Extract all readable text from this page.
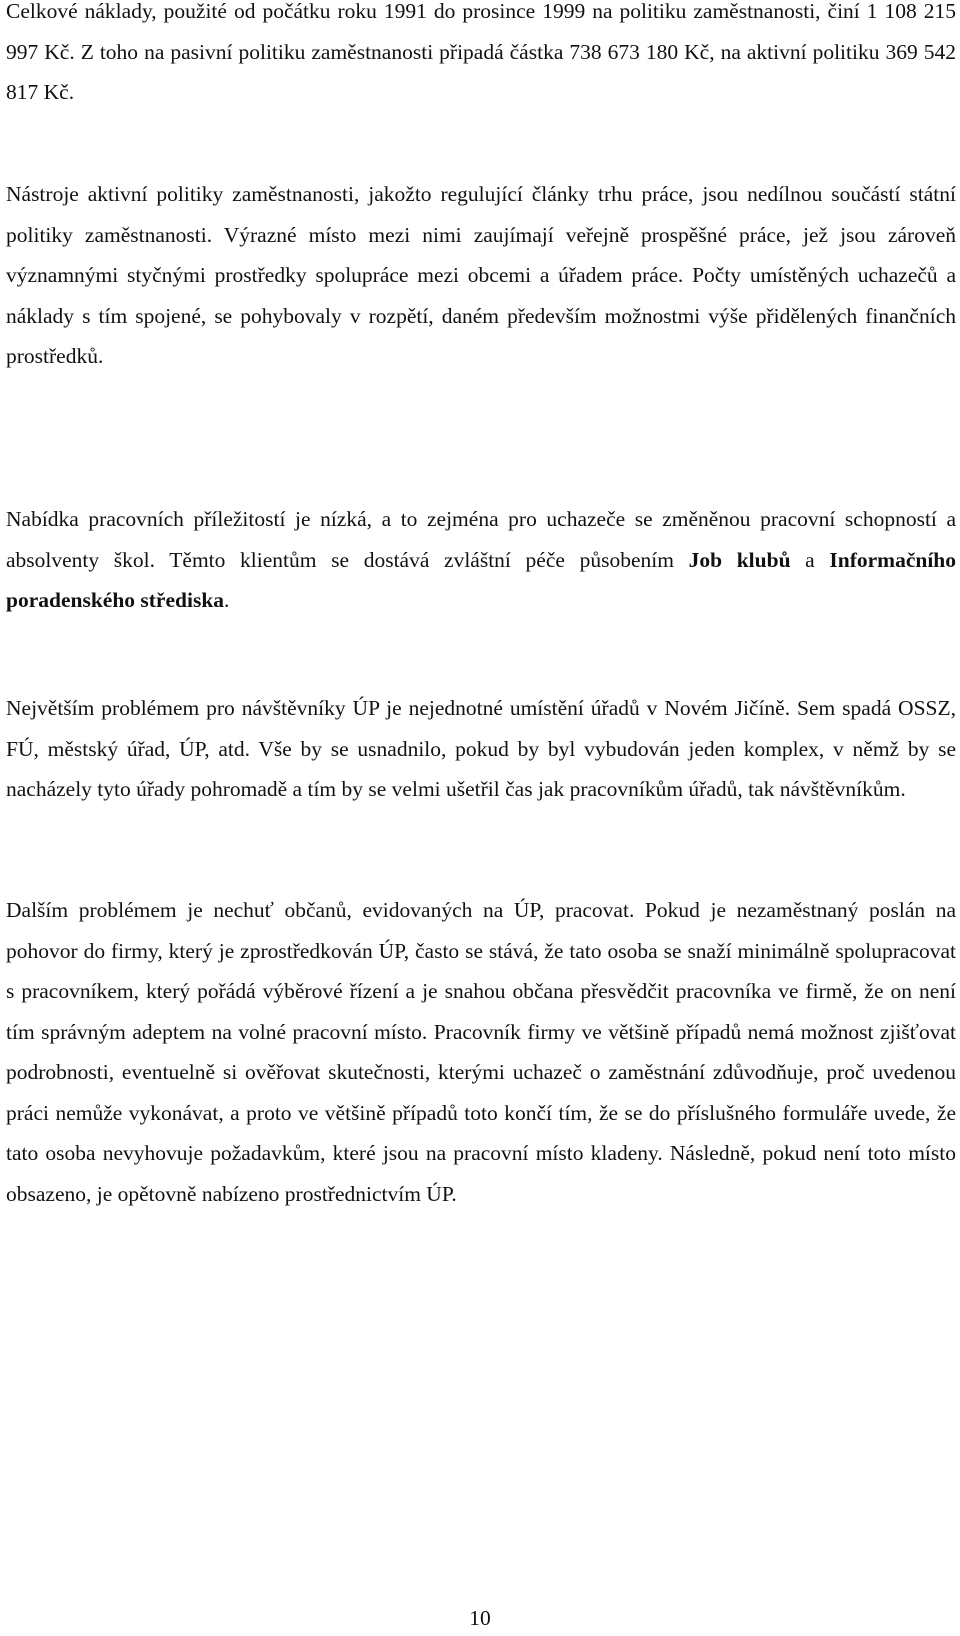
Celkové náklady, použité od počátku roku 1991 do prosince 1999 na politiku zaměstnanosti, činí 1 108 215 997 Kč. Z toho na pasivní politiku zaměstnanosti připadá částka 738 673 180 Kč, na aktivní politiku 369 542 817 Kč.

Nástroje aktivní politiky zaměstnanosti, jakožto regulující články trhu práce, jsou nedílnou součástí státní politiky zaměstnanosti. Výrazné místo mezi nimi zaujímají veřejně prospěšné práce, jež jsou zároveň významnými styčnými prostředky spolupráce mezi obcemi a úřadem práce. Počty umístěných uchazečů a náklady s tím spojené, se pohybovaly v rozpětí, daném především možnostmi výše přidělených finančních prostředků.

Nabídka pracovních příležitostí je nízká, a to zejména pro uchazeče se změněnou pracovní schopností a absolventy škol. Těmto klientům se dostává zvláštní péče působením Job klubů a Informačního poradenského střediska.

Největším problémem pro návštěvníky ÚP je nejednotné umístění úřadů v Novém Jičíně. Sem spadá OSSZ, FÚ, městský úřad, ÚP, atd. Vše by se usnadnilo, pokud by byl vybudován jeden komplex, v němž by se nacházely tyto úřady pohromadě a tím by se velmi ušetřil čas jak pracovníkům úřadů, tak návštěvníkům.

Dalším problémem je nechuť občanů, evidovaných na ÚP, pracovat. Pokud je nezaměstnaný poslán na pohovor do firmy, který je zprostředkován ÚP, často se stává, že tato osoba se snaží minimálně spolupracovat s pracovníkem, který pořádá výběrové řízení a je snahou občana přesvědčit pracovníka ve firmě, že on není tím správným adeptem na volné pracovní místo. Pracovník firmy ve většině případů nemá možnost zjišťovat podrobnosti, eventuelně si ověřovat skutečnosti, kterými uchazeč o zaměstnání zdůvodňuje, proč uvedenou práci nemůže vykonávat, a proto ve většině případů toto končí tím, že se do příslušného formuláře uvede, že tato osoba nevyhovuje požadavkům, které jsou na pracovní místo kladeny. Následně, pokud není toto místo obsazeno, je opětovně nabízeno prostřednictvím ÚP.

10
